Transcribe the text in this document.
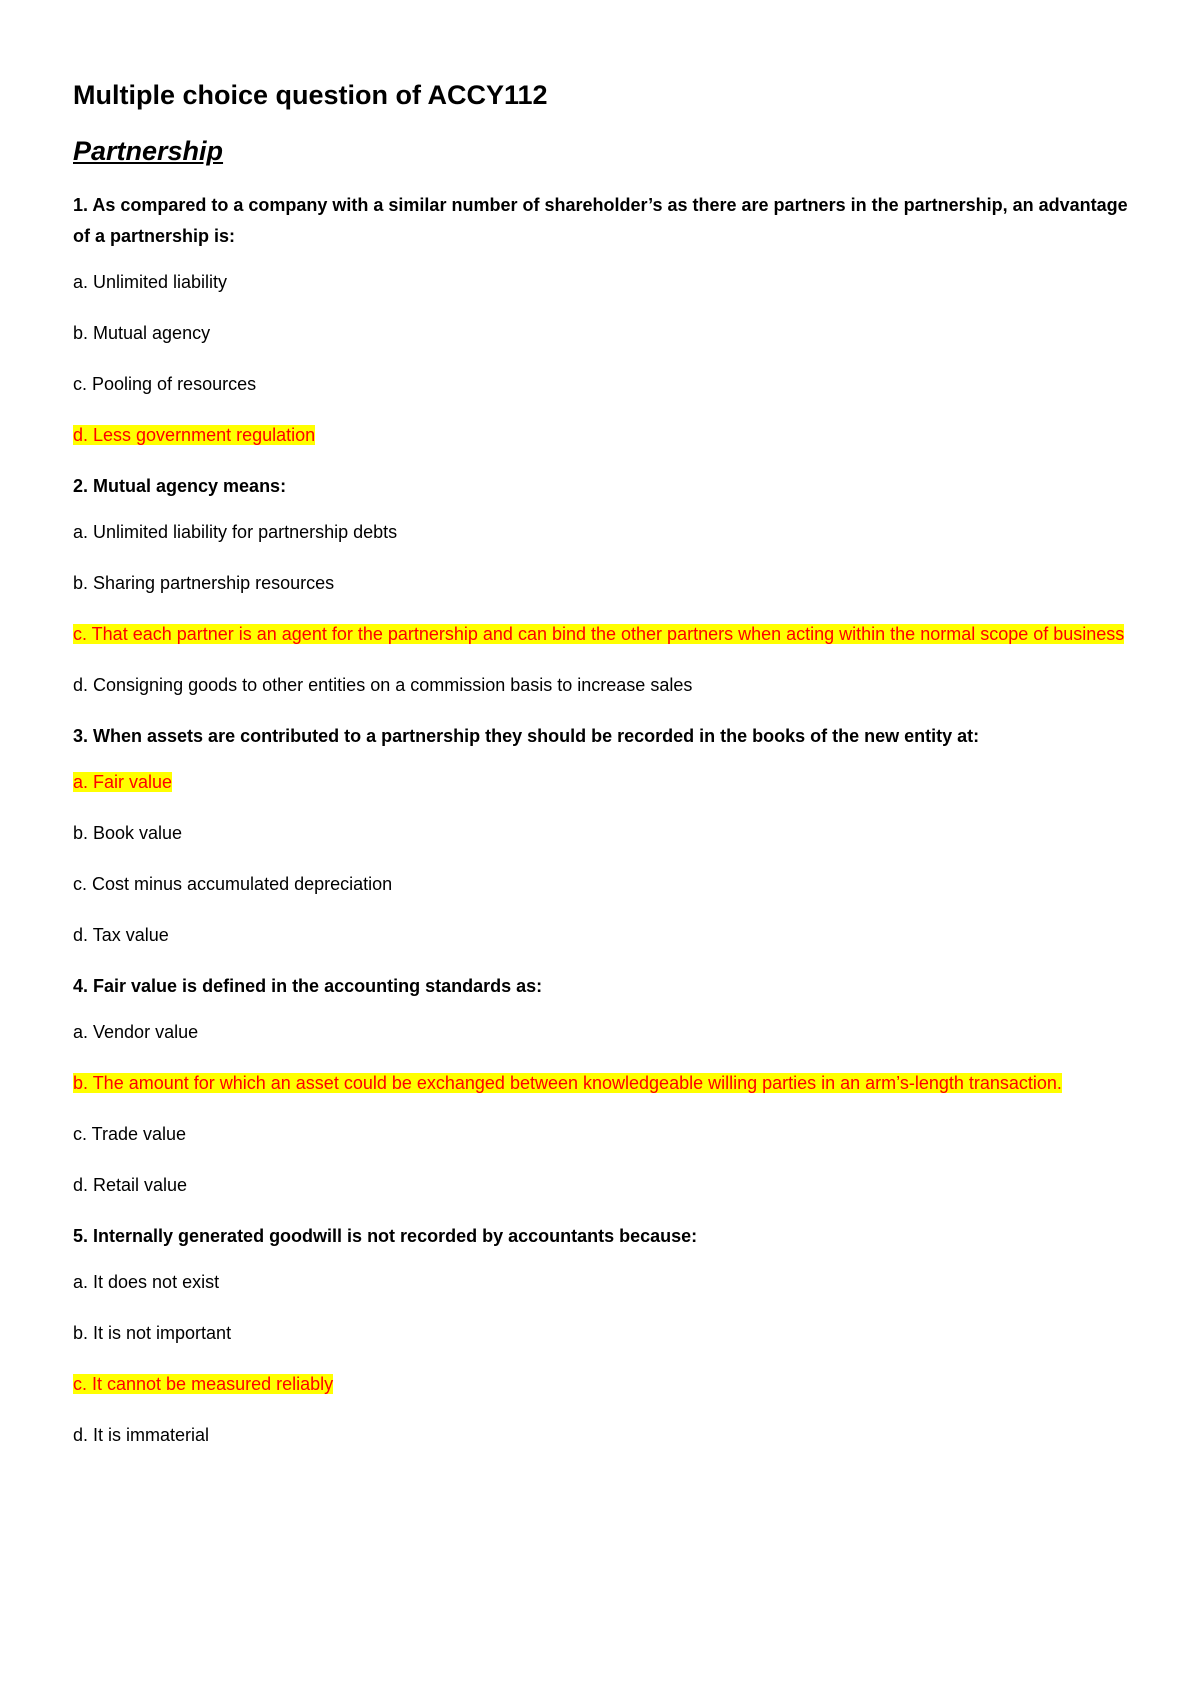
Multiple choice question of ACCY112
Partnership
1. As compared to a company with a similar number of shareholder’s as there are partners in the partnership, an advantage of a partnership is:
a. Unlimited liability
b. Mutual agency
c. Pooling of resources
d. Less government regulation
2. Mutual agency means:
a. Unlimited liability for partnership debts
b. Sharing partnership resources
c. That each partner is an agent for the partnership and can bind the other partners when acting within the normal scope of business
d. Consigning goods to other entities on a commission basis to increase sales
3. When assets are contributed to a partnership they should be recorded in the books of the new entity at:
a. Fair value
b. Book value
c. Cost minus accumulated depreciation
d. Tax value
4. Fair value is defined in the accounting standards as:
a. Vendor value
b. The amount for which an asset could be exchanged between knowledgeable willing parties in an arm’s-length transaction.
c. Trade value
d. Retail value
5. Internally generated goodwill is not recorded by accountants because:
a. It does not exist
b. It is not important
c. It cannot be measured reliably
d. It is immaterial
